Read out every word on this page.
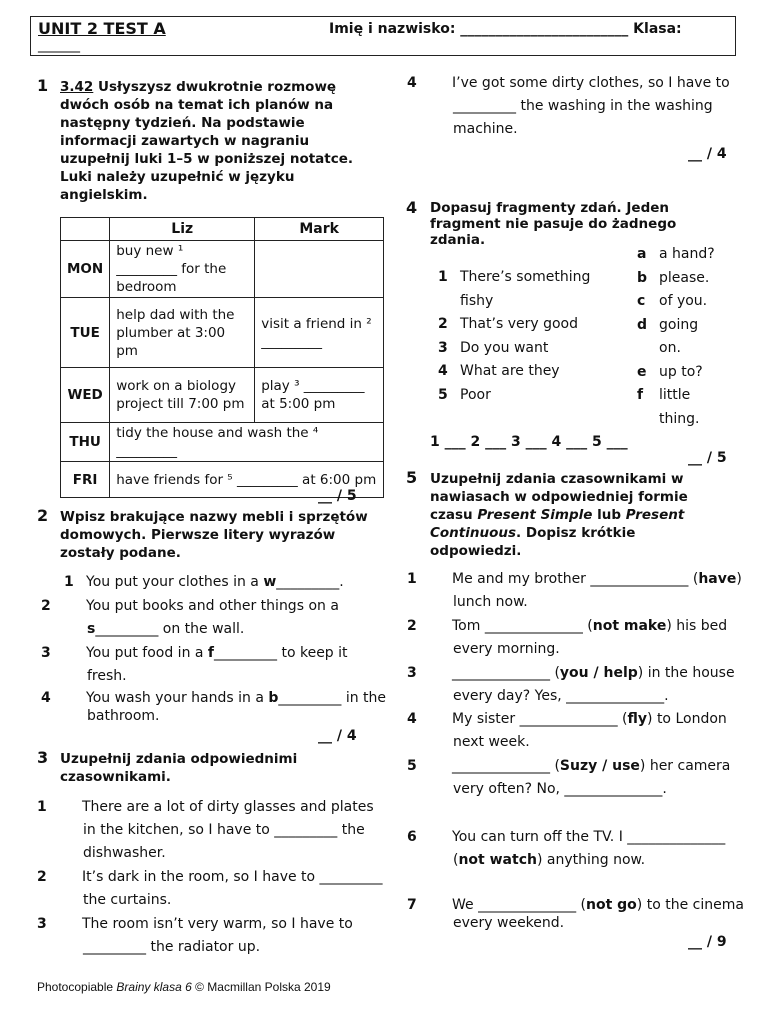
UNIT 2 TEST A	Imię i nazwisko: ________________________ Klasa:
______
1 3.42 Usłyszysz dwukrotnie rozmowę dwóch osób na temat ich planów na następny tydzień. Na podstawie informacji zawartych w nagraniu uzupełnij luki 1–5 w poniższej notatce. Luki należy uzupełnić w języku angielskim.
	Liz	Mark
MON	buy new ¹ _________ for the bedroom	
TUE	help dad with the plumber at 3:00 pm	visit a friend in ² _________
WED	work on a biology project till 7:00 pm	play ³ _________ at 5:00 pm
THU	tidy the house and wash the ⁴ _________	
FRI	have friends for ⁵ _________ at 6:00 pm	
__ / 5
2 Wpisz brakujące nazwy mebli i sprzętów domowych. Pierwsze litery wyrazów zostały podane.
1 You put your clothes in a w_________.
2	You put books and other things on a s_________ on the wall.
3	You put food in a f_________ to keep it fresh.
4	You wash your hands in a b_________ in the bathroom.
__ / 4
3 Uzupełnij zdania odpowiednimi czasownikami.
1	There are a lot of dirty glasses and plates in the kitchen, so I have to _________ the dishwasher.
2	It’s dark in the room, so I have to _________ the curtains.
3	The room isn’t very warm, so I have to _________ the radiator up.
4	I’ve got some dirty clothes, so I have to _________ the washing in the washing machine.
__ / 4
4 Dopasuj fragmenty zdań. Jeden fragment nie pasuje do żadnego zdania.
1 There’s something fishy
2 That’s very good
3 Do you want
4 What are they
5 Poor
a a hand?
b please.
c of you.
d going on.
e up to?
f little thing.
1 ___ 2 ___ 3 ___ 4 ___ 5 ___
__ / 5
5 Uzupełnij zdania czasownikami w nawiasach w odpowiedniej formie czasu Present Simple lub Present Continuous. Dopisz krótkie odpowiedzi.
1	Me and my brother ______________ (have) lunch now.
2	Tom ______________ (not make) his bed every morning.
3	______________ (you / help) in the house every day? Yes, ______________.
4	My sister ______________ (fly) to London next week.
5	______________ (Suzy / use) her camera very often? No, ______________.
6	You can turn off the TV. I ______________ (not watch) anything now.
7	We ______________ (not go) to the cinema every weekend.
__ / 9
Photocopiable Brainy klasa 6 © Macmillan Polska 2019
